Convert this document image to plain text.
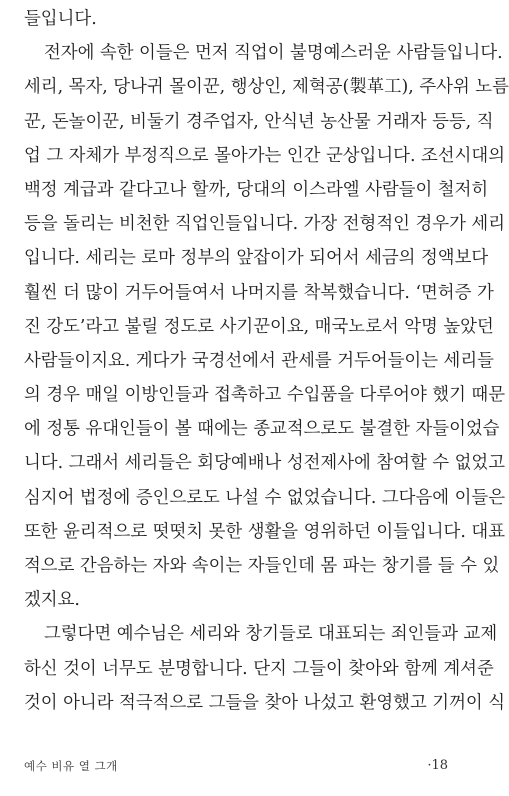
들입니다.
전자에 속한 이들은 먼저 직업이 불명예스러운 사람들입니다.
세리, 목자, 당나귀 몰이꾼, 행상인, 제혁공(製革工), 주사위 노름
꾼, 돈놀이꾼, 비둘기 경주업자, 안식년 농산물 거래자 등등, 직
업 그 자체가 부정직으로 몰아가는 인간 군상입니다. 조선시대의
백정 계급과 같다고나 할까, 당대의 이스라엘 사람들이 철저히
등을 돌리는 비천한 직업인들입니다. 가장 전형적인 경우가 세리
입니다. 세리는 로마 정부의 앞잡이가 되어서 세금의 정액보다
훨씬 더 많이 거두어들여서 나머지를 착복했습니다. ‘면허증 가
진 강도’라고 불릴 정도로 사기꾼이요, 매국노로서 악명 높았던
사람들이지요. 게다가 국경선에서 관세를 거두어들이는 세리들
의 경우 매일 이방인들과 접촉하고 수입품을 다루어야 했기 때문
에 정통 유대인들이 볼 때에는 종교적으로도 불결한 자들이었습
니다. 그래서 세리들은 회당예배나 성전제사에 참여할 수 없었고
심지어 법정에 증인으로도 나설 수 없었습니다. 그다음에 이들은
또한 윤리적으로 떳떳치 못한 생활을 영위하던 이들입니다. 대표
적으로 간음하는 자와 속이는 자들인데 몸 파는 창기를 들 수 있
겠지요.
그렇다면 예수님은 세리와 창기들로 대표되는 죄인들과 교제
하신 것이 너무도 분명합니다. 단지 그들이 찾아와 함께 계셔준
것이 아니라 적극적으로 그들을 찾아 나섰고 환영했고 기꺼이 식
예수 비유 열 그개	·18
